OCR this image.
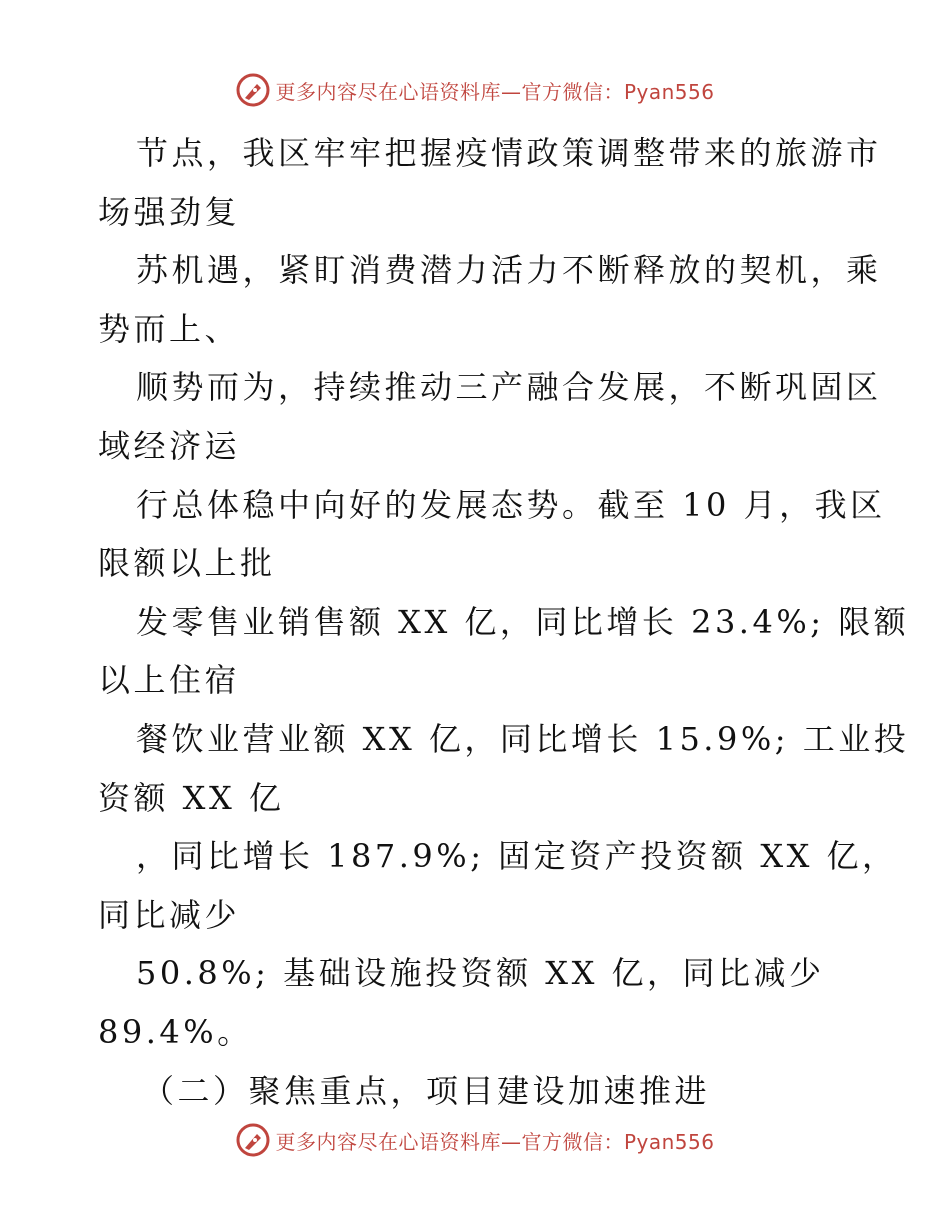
更多内容尽在心语资料库—官方微信：Pyan556
节点，我区牢牢把握疫情政策调整带来的旅游市
场强劲复
苏机遇，紧盯消费潜力活力不断释放的契机，乘
势而上、
顺势而为，持续推动三产融合发展，不断巩固区
域经济运
行总体稳中向好的发展态势。截至 10 月，我区
限额以上批
发零售业销售额 XX 亿，同比增长 23.4%; 限额
以上住宿
餐饮业营业额 XX 亿，同比增长 15.9%; 工业投
资额 XX 亿
，同比增长 187.9%; 固定资产投资额 XX 亿，
同比减少
50.8%; 基础设施投资额 XX 亿，同比减少
89.4%。
（二）聚焦重点，项目建设加速推进
更多内容尽在心语资料库—官方微信：Pyan556
